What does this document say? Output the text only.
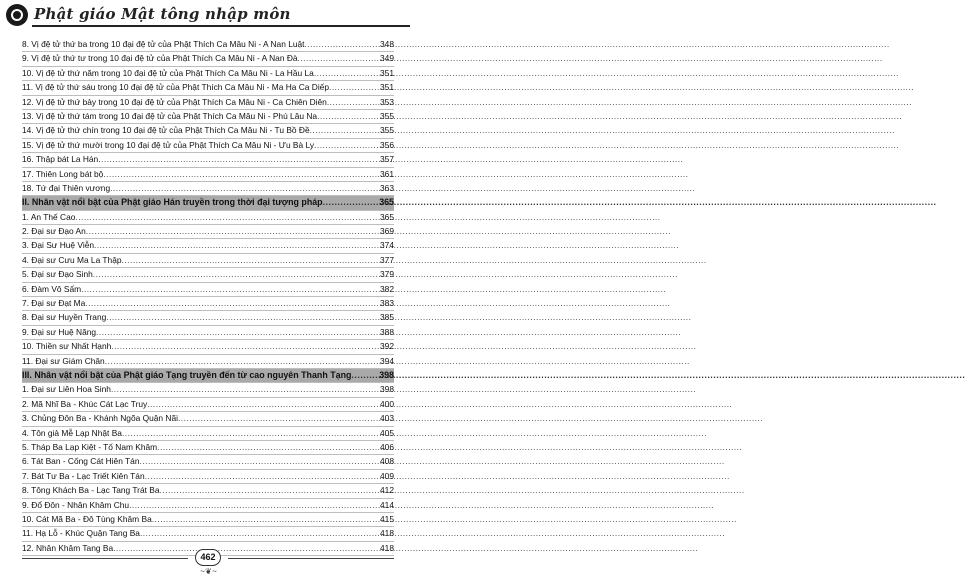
Phật giáo Mật tông nhập môn
8. Vị đệ tử thứ ba trong 10 đại đệ tử của Phật Thích Ca Mâu Ni - A Nan Luật .....	348
9. Vị đệ tử thứ tư trong 10 đại đệ tử của Phật Thích Ca Mâu Ni - A Nan Đà .....	349
10. Vị đệ tử thứ năm trong 10 đại đệ tử của Phật Thích Ca Mâu Ni - La Hầu La .....	351
11. Vị đệ tử thứ sáu trong 10 đại đệ tử của Phật Thích Ca Mâu Ni - Ma Ha Ca Diếp .....	351
12. Vị đệ tử thứ bảy trong 10 đại đệ tử của Phật Thích Ca Mâu Ni - Ca Chiên Diên .....	353
13. Vị đệ tử thứ tám trong 10 đại đệ tử của Phật Thích Ca Mâu Ni - Phú Lâu Na .....	355
14. Vị đệ tử thứ chín trong 10 đại đệ tử của Phật Thích Ca Mâu Ni - Tu Bồ Đề .....	355
15. Vị đệ tử thứ mười trong 10 đại đệ tử của Phật Thích Ca Mâu Ni - Ưu Bà Ly .....	356
16. Thập bát La Hán .....	357
17. Thiên Long bát bộ .....	361
18. Tứ đại Thiên vương .....	363
II. Nhân vật nổi bật của Phật giáo Hán truyền trong thời đại tượng pháp .....	365
1. An Thế Cao .....	365
2. Đại sư Đạo An .....	369
3. Đại Sư Huệ Viễn .....	374
4. Đại sư Cưu Ma La Thập .....	377
5. Đại sư Đạo Sinh .....	379
6. Đàm Vô Sấm .....	382
7. Đại sư Đạt Ma .....	383
8. Đại sư Huyền Trang .....	385
9. Đại sư Huệ Năng .....	388
10. Thiền sư Nhất Hạnh .....	392
11. Đại sư Giám Chân .....	394
III. Nhân vật nổi bật của Phật giáo Tạng truyền đến từ cao nguyên Thanh Tạng .....	398
1. Đại sư Liên Hoa Sinh .....	398
2. Mã Nhĩ Ba - Khúc Cát Lạc Truy .....	400
3. Chủng Đôn Ba - Khánh Ngõa Quận Nãi .....	403
4. Tôn giả Mễ Lạp Nhật Ba .....	405
5. Tháp Ba Lạp Kiệt - Tố Nam Khâm .....	406
6. Tát Ban - Cống Cát Hiên Tán .....	408
7. Bát Tư Ba - Lạc Triết Kiên Tán .....	409
8. Tông Khách Ba - Lạc Tang Trát Ba .....	412
9. Đổ Đôn - Nhân Khâm Chu .....	414
10. Cát Mã Ba - Đô Tùng Khâm Ba .....	415
11. Hạ Lỗ - Khúc Quận Tang Ba .....	418
12. Nhân Khâm Tang Ba .....	418
462
~ ❦ ~
